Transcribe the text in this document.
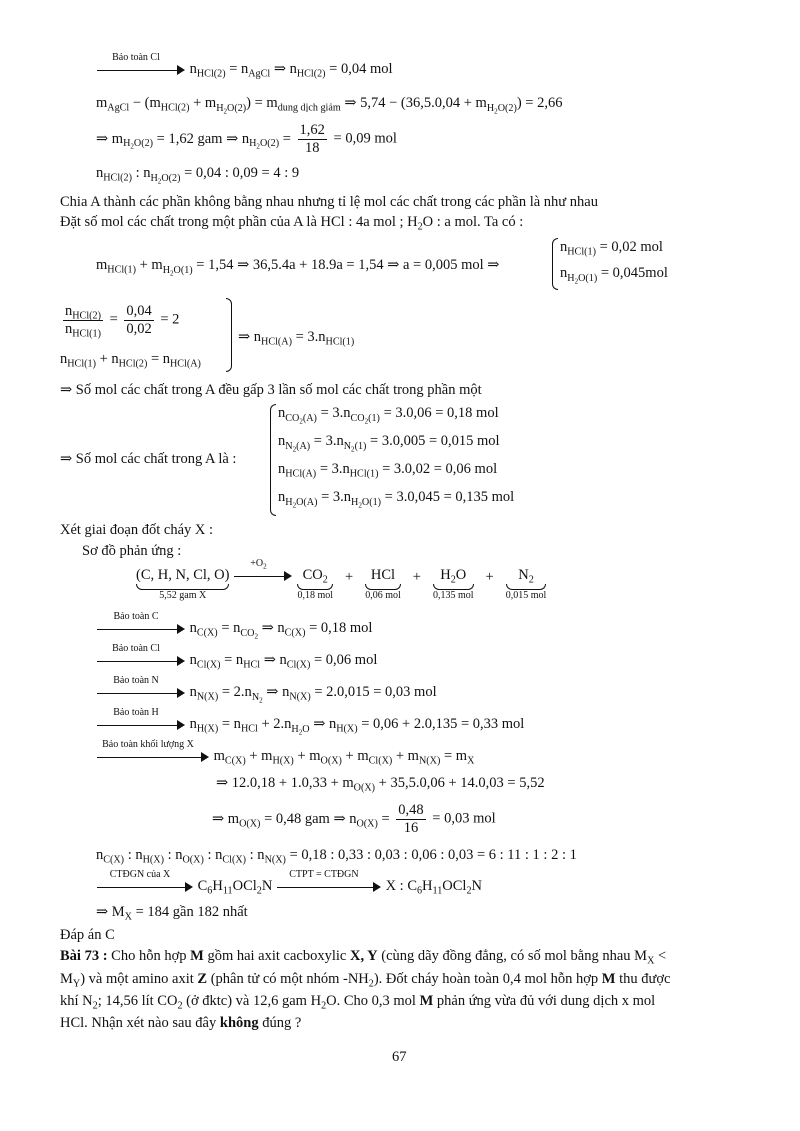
Bảo toàn Cl
$n_{HCl(2)} = n_{AgCl}$ ⇒ $n_{HCl(2)} = 0,04$ mol
$m_{AgCl} - (m_{HCl(2)} + m_{H_2O(2)}) = m_{dung dịch giảm}$ ⇒ $5,74 - (36,5.0,04 + m_{H_2O(2)}) = 2,66$
⇒ $m_{H_2O(2)} = 1,62$ gam ⇒ $n_{H_2O(2)} = \frac{1,62}{18} = 0,09$ mol
$n_{HCl(2)}$ : $n_{H_2O(2)} = 0,04$ : 0,09 = 4 : 9
Chia A thành các phần không bằng nhau nhưng tỉ lệ mol các chất trong các phần là như nhau
Đặt số mol các chất trong một phần của A là HCl : 4a mol ; $H_2O$ : a mol. Ta có :
$m_{HCl(1)} + m_{H_2O(1)} = 1,54$ ⇒ 36,5.4a + 18.9a = 1,54 ⇒ a = 0,005 mol ⇒
$n_{HCl(1)} = 0,02$ mol
$n_{H_2O(1)} = 0,045mol$
$\frac{n_{HCl(2)}}{n_{HCl(1)}} = \frac{0,04}{0,02} = 2$
$n_{HCl(1)} + n_{HCl(2)} = n_{HCl(A)}$
⇒ $n_{HCl(A)} = 3.n_{HCl(1)}$
⇒ Số mol các chất trong A đều gấp 3 lần số mol các chất trong phần một
⇒ Số mol các chất trong A là :
$n_{CO_2(A)} = 3.n_{CO_2(1)} = 3.0,06 = 0,18$ mol
$n_{N_2(A)} = 3.n_{N_2(1)} = 3.0,005 = 0,015$ mol
$n_{HCl(A)} = 3.n_{HCl(1)} = 3.0,02 = 0,06$ mol
$n_{H_2O(A)} = 3.n_{H_2O(1)} = 3.0,045 = 0,135$ mol
Xét giai đoạn đốt cháy X :
Sơ đồ phản ứng :
(C, H, N, Cl, O)
5,52 gam X
$+O_2$
$CO_2$
0,18 mol
+ HCl
0,06 mol
+ $H_2O$
0,135 mol
+ $N_2$
0,015 mol
Bảo toàn C
$n_{C(X)} = n_{CO_2}$ ⇒ $n_{C(X)} = 0,18$ mol
Bảo toàn Cl
$n_{Cl(X)} = n_{HCl}$ ⇒ $n_{Cl(X)} = 0,06$ mol
Bảo toàn N
$n_{N(X)} = 2.n_{N_2}$ ⇒ $n_{N(X)} = 2.0,015 = 0,03$ mol
Bảo toàn H
$n_{H(X)} = n_{HCl} + 2.n_{H_2O}$ ⇒ $n_{H(X)} = 0,06 + 2.0,135 = 0,33$ mol
Bảo toàn khối lượng X
$m_{C(X)} + m_{H(X)} + m_{O(X)} + m_{Cl(X)} + m_{N(X)} = m_X$
⇒ $12.0,18 + 1.0,33 + m_{O(X)} + 35,5.0,06 + 14.0,03 = 5,52$
⇒ $m_{O(X)} = 0,48$ gam ⇒ $n_{O(X)} = \frac{0,48}{16} = 0,03$ mol
$n_{C(X)}$ : $n_{H(X)}$ : $n_{O(X)}$ : $n_{Cl(X)}$ : $n_{N(X)} = 0,18$ : 0,33 : 0,03 : 0,06 : 0,03 = 6 : 11 : 1 : 2 : 1
CTĐGN của X
$C_6H_{11}OCl_2N$
CTPT = CTĐGN
X : $C_6H_{11}OCl_2N$
⇒ $M_X = 184$ gần 182 nhất
Đáp án C
Bài 73 : Cho hỗn hợp M gồm hai axit cacboxylic X, Y (cùng dãy đồng đẳng, có số mol bằng nhau $M_X$ <
$M_Y$) và một amino axit Z (phân tử có một nhóm $-NH_2$). Đốt cháy hoàn toàn 0,4 mol hỗn hợp M thu được
khí $N_2$; 14,56 lít $CO_2$ (ở đktc) và 12,6 gam $H_2O$. Cho 0,3 mol M phản ứng vừa đủ với dung dịch x mol
HCl. Nhận xét nào sau đây không đúng ?
67
